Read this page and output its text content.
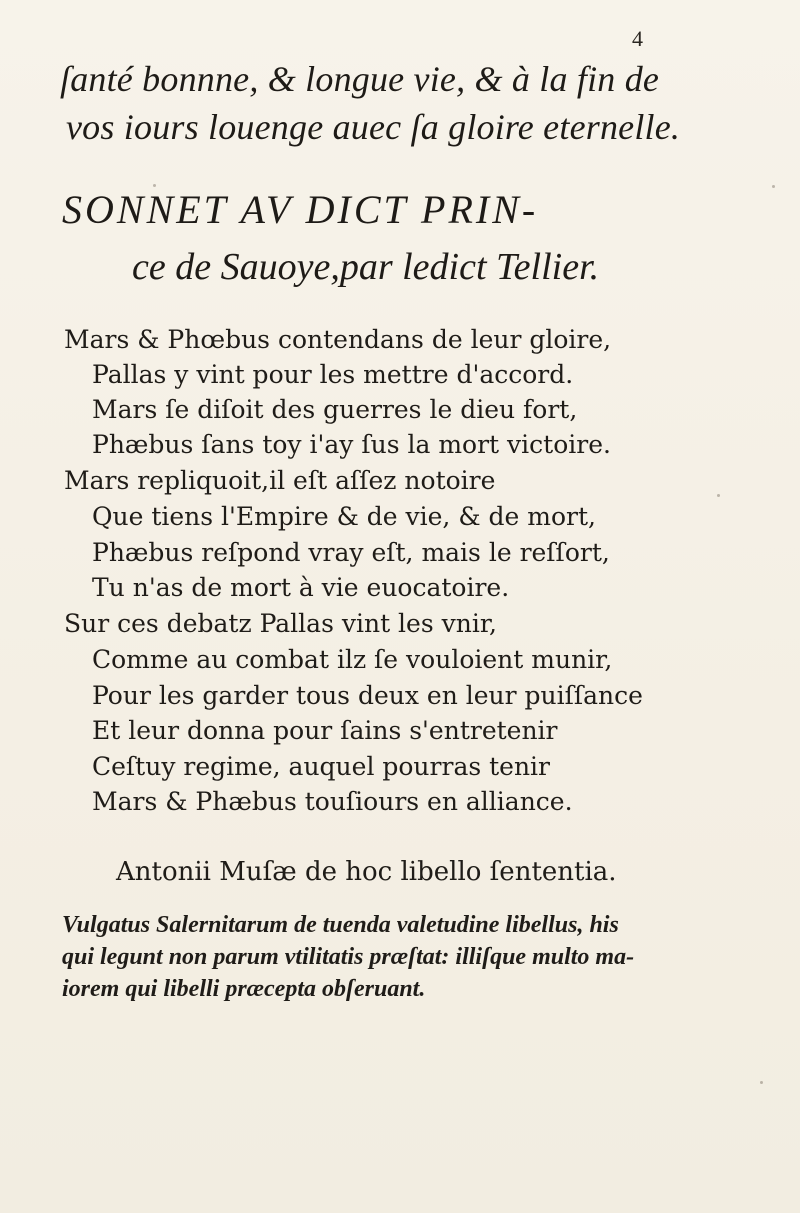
4
ſanté bonnne, & longue vie, & à la fin de
vos iours louenge auec ſa gloire eternelle.
SONNET AV DICT PRIN-
ce de Sauoye,par ledict Tellier.
Mars & Phœbus contendans de leur gloire,
Pallas y vint pour les mettre d'accord.
Mars ſe diſoit des guerres le dieu fort,
Phæbus ſans toy i'ay ſus la mort victoire.
Mars repliquoit,il eſt aſſez notoire
Que tiens l'Empire & de vie, & de mort,
Phæbus reſpond vray eſt, mais le reſſort,
Tu n'as de mort à vie euocatoire.
Sur ces debatz Pallas vint les vnir,
Comme au combat ilz ſe vouloient munir,
Pour les garder tous deux en leur puiſſance
Et leur donna pour ſains s'entretenir
Ceſtuy regime, auquel pourras tenir
Mars & Phæbus touſiours en alliance.
Antonii Muſæ de hoc libello ſententia.
Vulgatus Salernitarum de tuenda valetudine libellus, his
qui legunt non parum vtilitatis præſtat: illiſque multo ma-
iorem qui libelli præcepta obſeruant.
